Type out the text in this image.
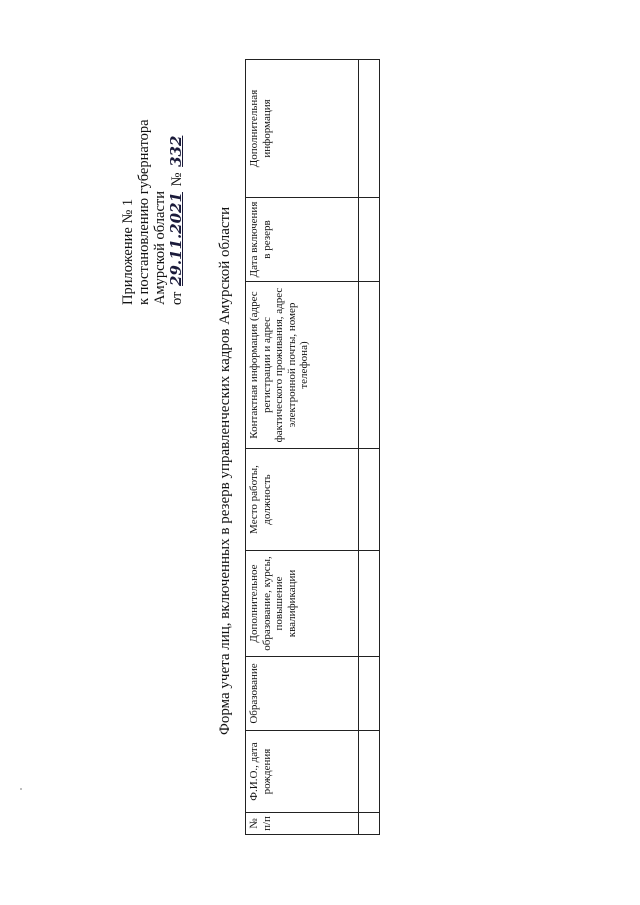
Приложение № 1 к постановлению губернатора Амурской области от 29.11.2021 № 332
Форма учета лиц, включенных в резерв управленческих кадров Амурской области
№ п/п	Ф.И.О., дата рождения	Образование	Дополнительное образование, курсы, повышение квалификации	Место работы, должность	Контактная информация (адрес регистрации и адрес фактического проживания, адрес электронной почты, номер телефона)	Дата включения в резерв	Дополнительная информация
